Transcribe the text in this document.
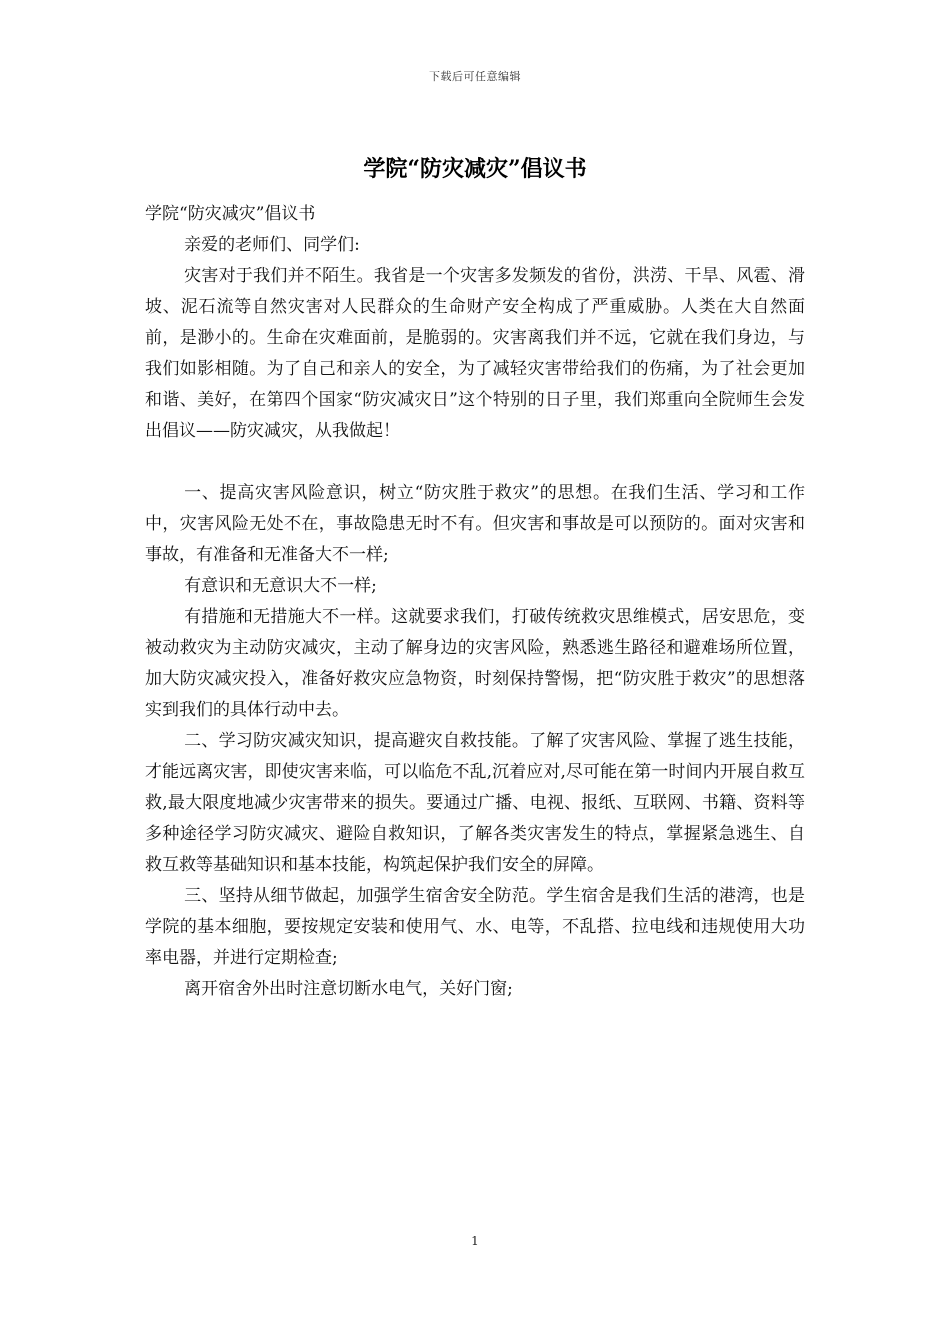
下载后可任意编辑
学院“防灾减灾”倡议书

学院“防灾减灾”倡议书

亲爱的老师们、同学们:

灾害对于我们并不陌生。我省是一个灾害多发频发的省份，洪涝、干旱、风雹、滑坡、泥石流等自然灾害对人民群众的生命财产安全构成了严重威胁。人类在大自然面前，是渺小的。生命在灾难面前，是脆弱的。灾害离我们并不远，它就在我们身边，与我们如影相随。为了自己和亲人的安全，为了减轻灾害带给我们的伤痛，为了社会更加和谐、美好，在第四个国家“防灾减灾日”这个特别的日子里，我们郑重向全院师生会发出倡议——防灾减灾，从我做起！

一、提高灾害风险意识，树立“防灾胜于救灾”的思想。在我们生活、学习和工作中，灾害风险无处不在，事故隐患无时不有。但灾害和事故是可以预防的。面对灾害和事故，有准备和无准备大不一样;

有意识和无意识大不一样;

有措施和无措施大不一样。这就要求我们，打破传统救灾思维模式，居安思危，变被动救灾为主动防灾减灾，主动了解身边的灾害风险，熟悉逃生路径和避难场所位置，加大防灾减灾投入，准备好救灾应急物资，时刻保持警惕，把“防灾胜于救灾”的思想落实到我们的具体行动中去。

二、学习防灾减灾知识，提高避灾自救技能。了解了灾害风险、掌握了逃生技能，才能远离灾害，即使灾害来临，可以临危不乱,沉着应对,尽可能在第一时间内开展自救互救,最大限度地减少灾害带来的损失。要通过广播、电视、报纸、互联网、书籍、资料等多种途径学习防灾减灾、避险自救知识，了解各类灾害发生的特点，掌握紧急逃生、自救互救等基础知识和基本技能，构筑起保护我们安全的屏障。

三、坚持从细节做起，加强学生宿舍安全防范。学生宿舍是我们生活的港湾，也是学院的基本细胞，要按规定安装和使用气、水、电等，不乱搭、拉电线和违规使用大功率电器，并进行定期检查;

离开宿舍外出时注意切断水电气，关好门窗;

1
